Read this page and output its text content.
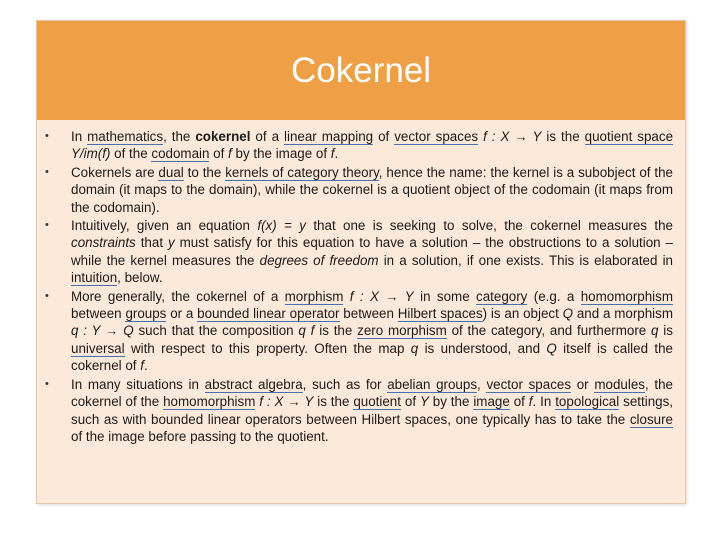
Cokernel
• In mathematics, the cokernel of a linear mapping of vector spaces f : X → Y is the quotient space Y/im(f) of the codomain of f by the image of f.
• Cokernels are dual to the kernels of category theory, hence the name: the kernel is a subobject of the domain (it maps to the domain), while the cokernel is a quotient object of the codomain (it maps from the codomain).
• Intuitively, given an equation f(x) = y that one is seeking to solve, the cokernel measures the constraints that y must satisfy for this equation to have a solution – the obstructions to a solution – while the kernel measures the degrees of freedom in a solution, if one exists. This is elaborated in intuition, below.
• More generally, the cokernel of a morphism f : X → Y in some category (e.g. a homomorphism between groups or a bounded linear operator between Hilbert spaces) is an object Q and a morphism q : Y → Q such that the composition q f is the zero morphism of the category, and furthermore q is universal with respect to this property. Often the map q is understood, and Q itself is called the cokernel of f.
• In many situations in abstract algebra, such as for abelian groups, vector spaces or modules, the cokernel of the homomorphism f : X → Y is the quotient of Y by the image of f. In topological settings, such as with bounded linear operators between Hilbert spaces, one typically has to take the closure of the image before passing to the quotient.
